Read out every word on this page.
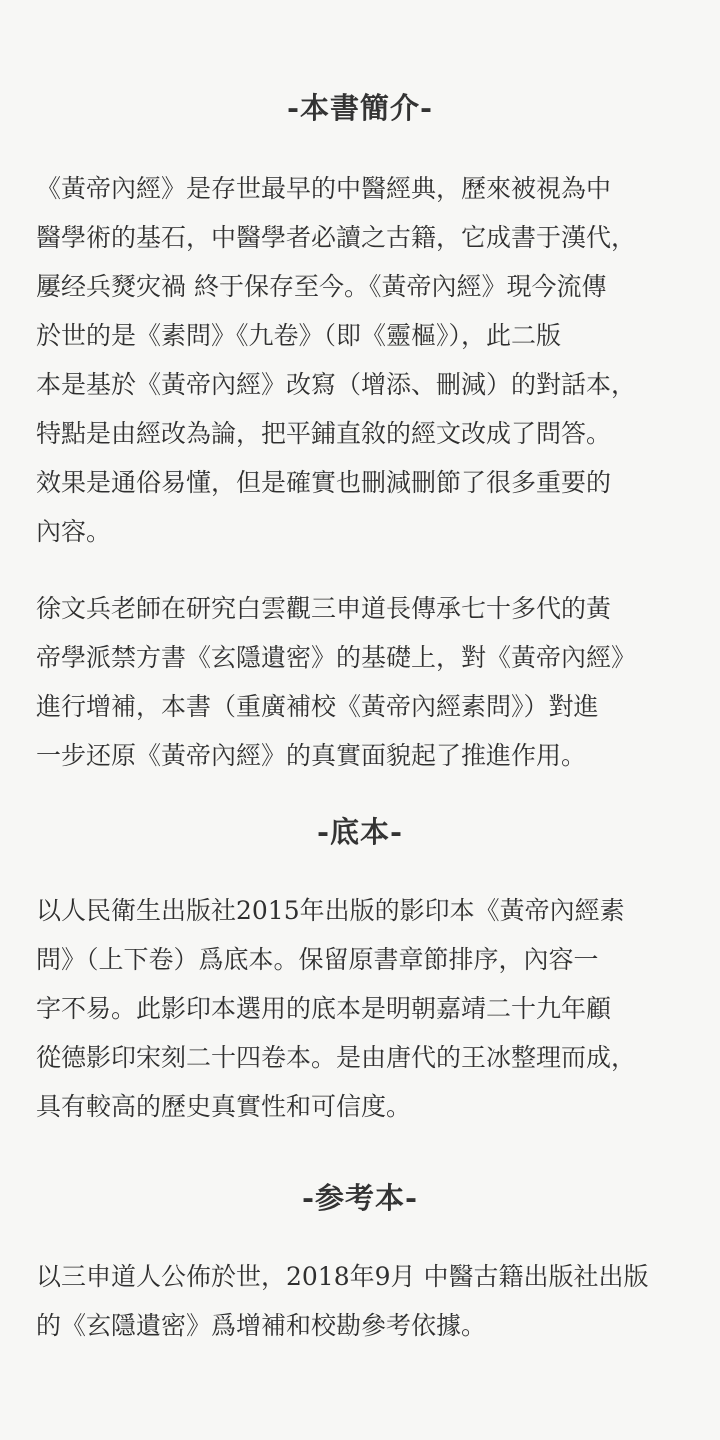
-本書簡介-
《黃帝內經》是存世最早的中醫經典，歷來被視為中
醫學術的基石，中醫學者必讀之古籍，它成書于漢代，
屢经兵燹灾禍 終于保存至今。《黃帝內經》現今流傳
於世的是《素問》《九卷》（即《靈樞》），此二版
本是基於《黃帝內經》改寫（增添、刪減）的對話本，
特點是由經改為論，把平鋪直敘的經文改成了問答。
效果是通俗易懂，但是確實也刪減刪節了很多重要的
內容。
徐文兵老師在研究白雲觀三申道長傳承七十多代的黃
帝學派禁方書《玄隱遺密》的基礎上，對《黃帝內經》
進行增補，本書（重廣補校《黃帝內經素問》）對進
一步还原《黃帝內經》的真實面貌起了推進作用。
-底本-
以人民衛生出版社2015年出版的影印本《黃帝內經素
問》（上下卷）爲底本。保留原書章節排序，內容一
字不易。此影印本選用的底本是明朝嘉靖二十九年顧
從德影印宋刻二十四卷本。是由唐代的王冰整理而成，
具有較高的歷史真實性和可信度。
-参考本-
以三申道人公佈於世，2018年9月 中醫古籍出版社出版
的《玄隱遺密》爲增補和校勘參考依據。
